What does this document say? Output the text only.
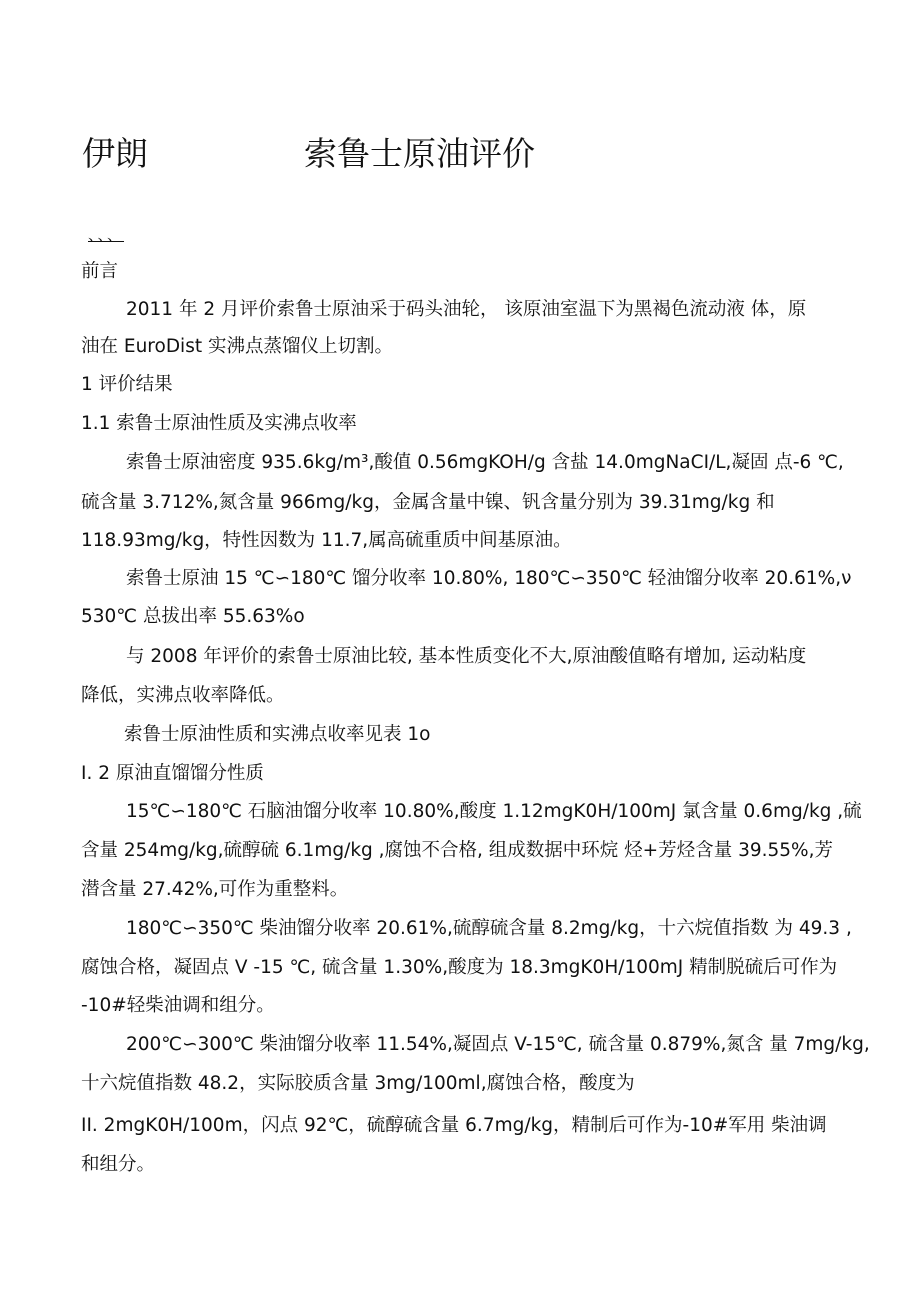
伊朗	索鲁士原油评价
、、、
前言
2011 年 2 月评价索鲁士原油采于码头油轮， 该原油室温下为黑褐色流动液 体，原
油在 EuroDist 实沸点蒸馏仪上切割。
1 评价结果
1.1 索鲁士原油性质及实沸点收率
索鲁士原油密度 935.6kg/m³,酸值 0.56mgKOH/g 含盐 14.0mgNaCI/L,凝固 点-6 ℃,
硫含量 3.712%,氮含量 966mg/kg，金属含量中镍、钒含量分别为 39.31mg/kg 和
118.93mg/kg，特性因数为 11.7,属高硫重质中间基原油。
索鲁士原油 15 ℃∽180℃ 馏分收率 10.80%, 180℃∽350℃ 轻油馏分收率 20.61%,ν
530℃ 总拔出率 55.63%o
与 2008 年评价的索鲁士原油比较, 基本性质变化不大,原油酸值略有增加, 运动粘度
降低，实沸点收率降低。
索鲁士原油性质和实沸点收率见表 1o
I. 2 原油直馏馏分性质
15℃∽180℃ 石脑油馏分收率 10.80%,酸度 1.12mgK0H/100mJ 氯含量 0.6mg/kg ,硫
含量 254mg/kg,硫醇硫 6.1mg/kg ,腐蚀不合格, 组成数据中环烷 烃+芳烃含量 39.55%,芳
潜含量 27.42%,可作为重整料。
180℃∽350℃ 柴油馏分收率 20.61%,硫醇硫含量 8.2mg/kg，十六烷值指数 为 49.3 ,
腐蚀合格，凝固点 V -15 ℃, 硫含量 1.30%,酸度为 18.3mgK0H/100mJ 精制脱硫后可作为
-10#轻柴油调和组分。
200℃∽300℃ 柴油馏分收率 11.54%,凝固点 V-15℃, 硫含量 0.879%,氮含 量 7mg/kg,
十六烷值指数 48.2，实际胶质含量 3mg/100ml,腐蚀合格，酸度为
II. 2mgK0H/100m，闪点 92℃，硫醇硫含量 6.7mg/kg，精制后可作为-10#军用 柴油调
和组分。
